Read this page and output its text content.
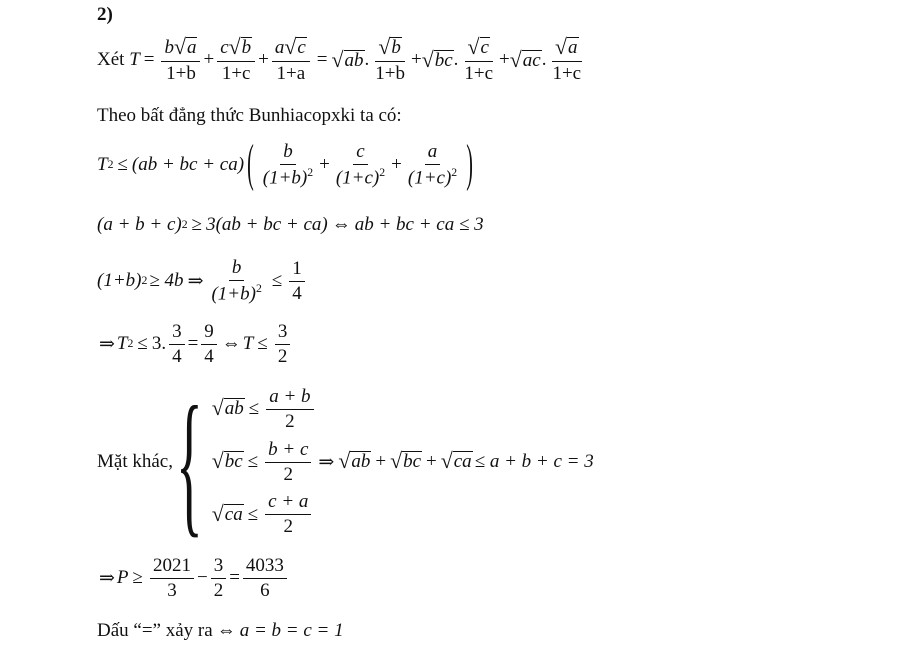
2)
Xét
$T = \frac{b √ a}{1+b} + \frac{c √ b}{1+c} + \frac{a √ c}{1+a}$ = √ ab . $\frac{√ b}{1+b}$ + √ bc . $\frac{√ c}{1+c}$ + √ ac . $\frac{√ a}{1+c}$
Theo bất đẳng thức Bunhiacopxki ta có:
T 2 ≤ (ab + bc + ca) ( $\frac{b}{(1+b)^2} + \frac{c}{(1+c)^2} + \frac{a}{(1+c)^2}$ )
(a + b + c) 2 ≥ 3(ab + bc + ca) ⇔ ab + bc + ca ≤ 3
(1+b) 2 ≥ 4b ⇒ $\frac{b}{(1+b)^2} \le \frac{1}{4}$
⇒ T 2 ≤ 3. $\frac{3}{4} = \frac{9}{4}$ ⇔ $T \le \frac{3}{2}$
Mặt khác, { √ ab ≤ $\frac{a + b}{2}$
√ bc ≤ $\frac{b + c}{2}$ ⇒ √ ab + √ bc + √ ca ≤ a + b + c = 3
√ ca ≤ $\frac{c + a}{2}$
⇒ $P \ge \frac{2021}{3} - \frac{3}{2} = \frac{4033}{6}$
Dấu “=” xảy ra ⇔ a = b = c = 1
